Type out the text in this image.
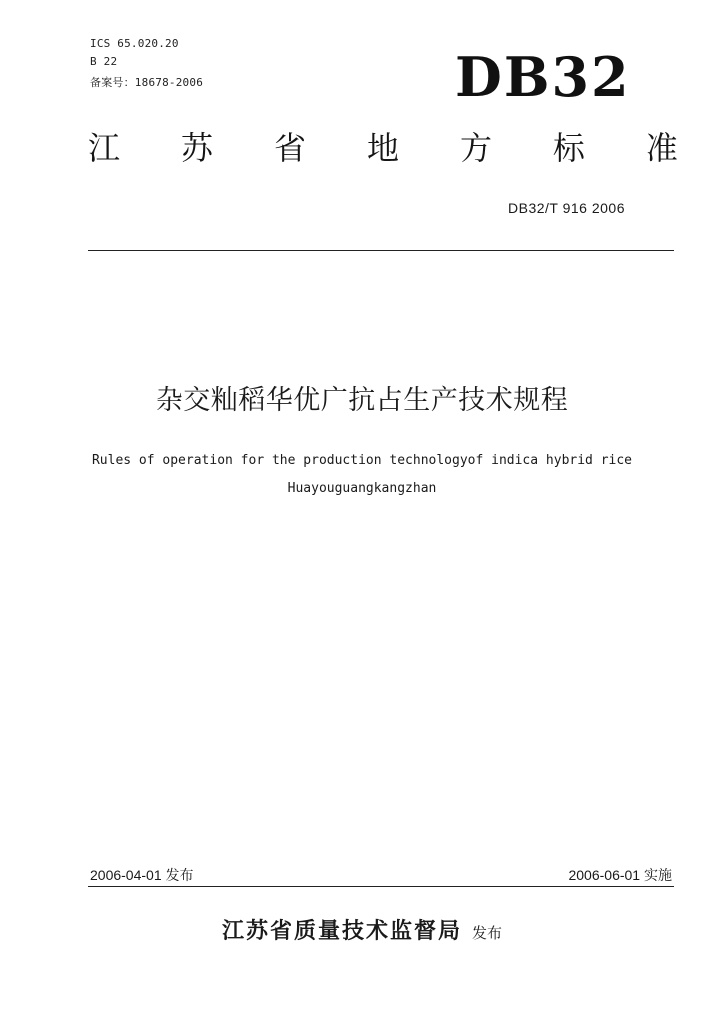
ICS 65.020.20
B 22
备案号：18678-2006	DB32
江 苏 省 地 方 标 准
DB32/T 916 2006
杂交籼稻华优广抗占生产技术规程
Rules of operation for the production technologyof indica hybrid rice
Huayouguangkangzhan
2006-04-01 发布	2006-06-01 实施
江苏省质量技术监督局 发布
